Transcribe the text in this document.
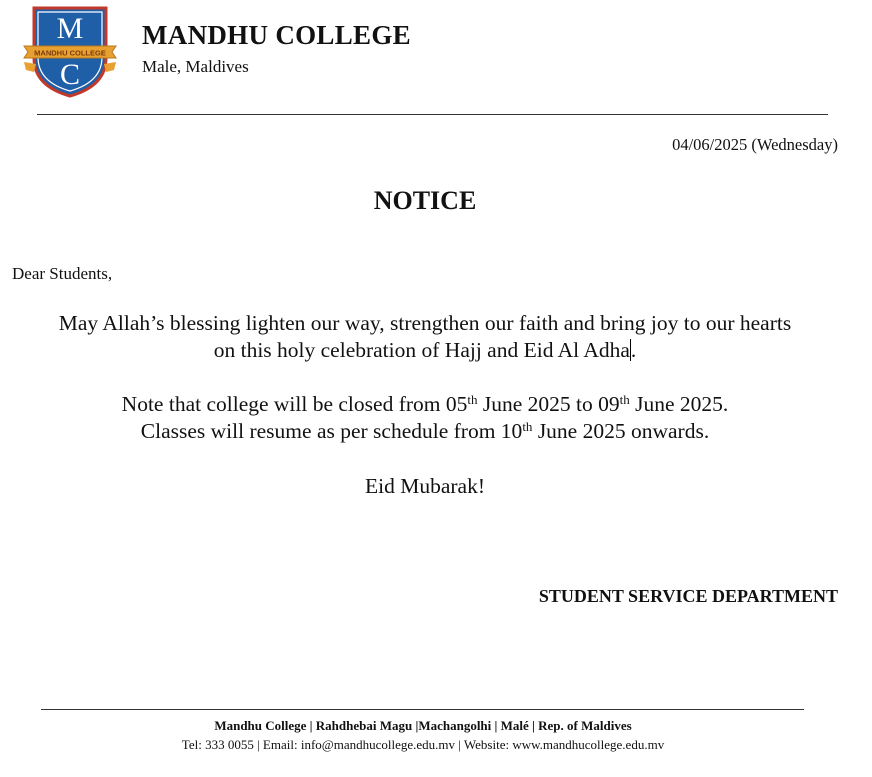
M
MANDHU COLLEGE
C
MANDHU COLLEGE
Male, Maldives
04/06/2025 (Wednesday)
NOTICE
Dear Students,
May Allah’s blessing lighten our way, strengthen our faith and bring joy to our hearts
on this holy celebration of Hajj and Eid Al Adha.
Note that college will be closed from 05th June 2025 to 09th June 2025.
Classes will resume as per schedule from 10th June 2025 onwards.
Eid Mubarak!
STUDENT SERVICE DEPARTMENT
Mandhu College | Rahdhebai Magu |Machangolhi | Malé | Rep. of Maldives
Tel: 333 0055 | Email: info@mandhucollege.edu.mv | Website: www.mandhucollege.edu.mv
